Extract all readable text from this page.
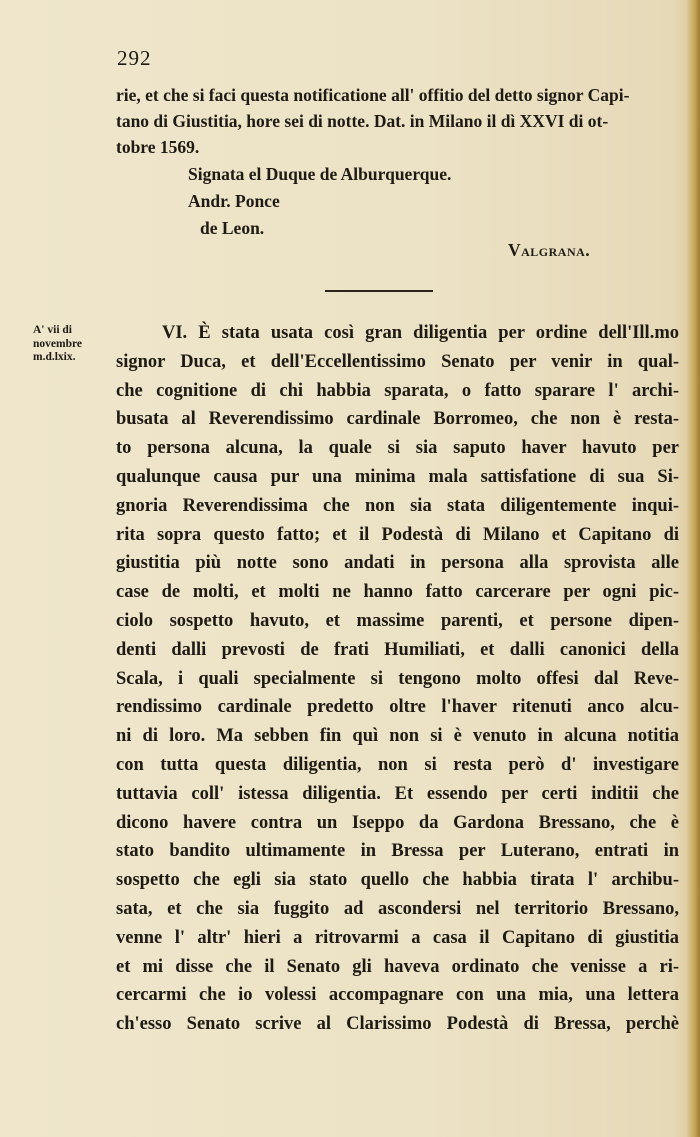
292
rie, et che si faci questa notificatione all' offitio del detto signor Capi-
tano di Giustitia, hore sei di notte. Dat. in Milano il dì XXVI di ot-
tobre 1569.
Signata el Duque de Alburquerque.
Andr. Ponce
de Leon.
Valgrana.
A' vii di
novembre
m.d.lxix.
VI. È stata usata così gran diligentia per ordine dell'Ill.mo
signor Duca, et dell'Eccellentissimo Senato per venir in qual-
che cognitione di chi habbia sparata, o fatto sparare l' archi-
busata al Reverendissimo cardinale Borromeo, che non è resta-
to persona alcuna, la quale si sia saputo haver havuto per
qualunque causa pur una minima mala sattisfatione di sua Si-
gnoria Reverendissima che non sia stata diligentemente inqui-
rita sopra questo fatto; et il Podestà di Milano et Capitano di
giustitia più notte sono andati in persona alla sprovista alle
case de molti, et molti ne hanno fatto carcerare per ogni pic-
ciolo sospetto havuto, et massime parenti, et persone dipen-
denti dalli prevosti de frati Humiliati, et dalli canonici della
Scala, i quali specialmente si tengono molto offesi dal Reve-
rendissimo cardinale predetto oltre l'haver ritenuti anco alcu-
ni di loro. Ma sebben fin quì non si è venuto in alcuna notitia
con tutta questa diligentia, non si resta però d' investigare
tuttavia coll' istessa diligentia. Et essendo per certi inditii che
dicono havere contra un Iseppo da Gardona Bressano, che è
stato bandito ultimamente in Bressa per Luterano, entrati in
sospetto che egli sia stato quello che habbia tirata l' archibu-
sata, et che sia fuggito ad ascondersi nel territorio Bressano,
venne l' altr' hieri a ritrovarmi a casa il Capitano di giustitia
et mi disse che il Senato gli haveva ordinato che venisse a ri-
cercarmi che io volessi accompagnare con una mia, una lettera
ch'esso Senato scrive al Clarissimo Podestà di Bressa, perchè
